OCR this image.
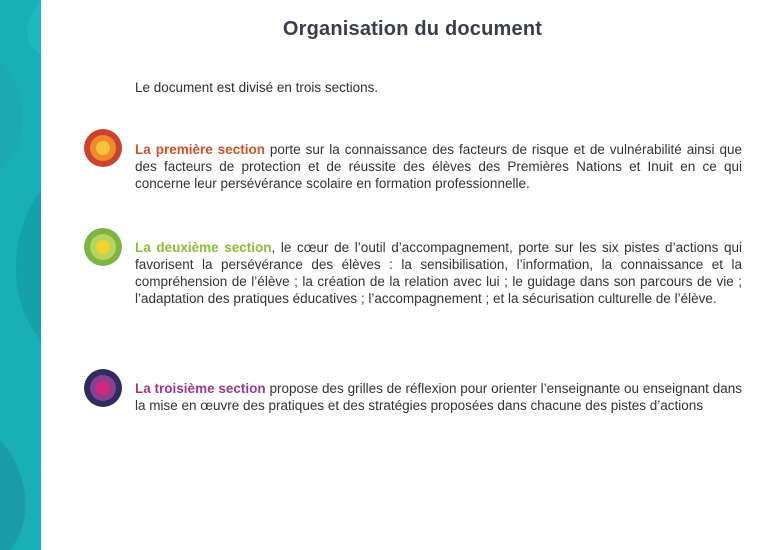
Organisation du document
Le document est divisé en trois sections.
La première section porte sur la connaissance des facteurs de risque et de vulnérabilité ainsi que des facteurs de protection et de réussite des élèves des Premières Nations et Inuit en ce qui concerne leur persévérance scolaire en formation professionnelle.
La deuxième section, le cœur de l’outil d’accompagnement, porte sur les six pistes d’actions qui favorisent la persévérance des élèves : la sensibilisation, l’information, la connaissance et la compréhension de l’élève ; la création de la relation avec lui ; le guidage dans son parcours de vie ; l’adaptation des pratiques éducatives ; l’accompagnement ; et la sécurisation culturelle de l’élève.
La troisième section propose des grilles de réflexion pour orienter l’enseignante ou enseignant dans la mise en œuvre des pratiques et des stratégies proposées dans chacune des pistes d’actions
